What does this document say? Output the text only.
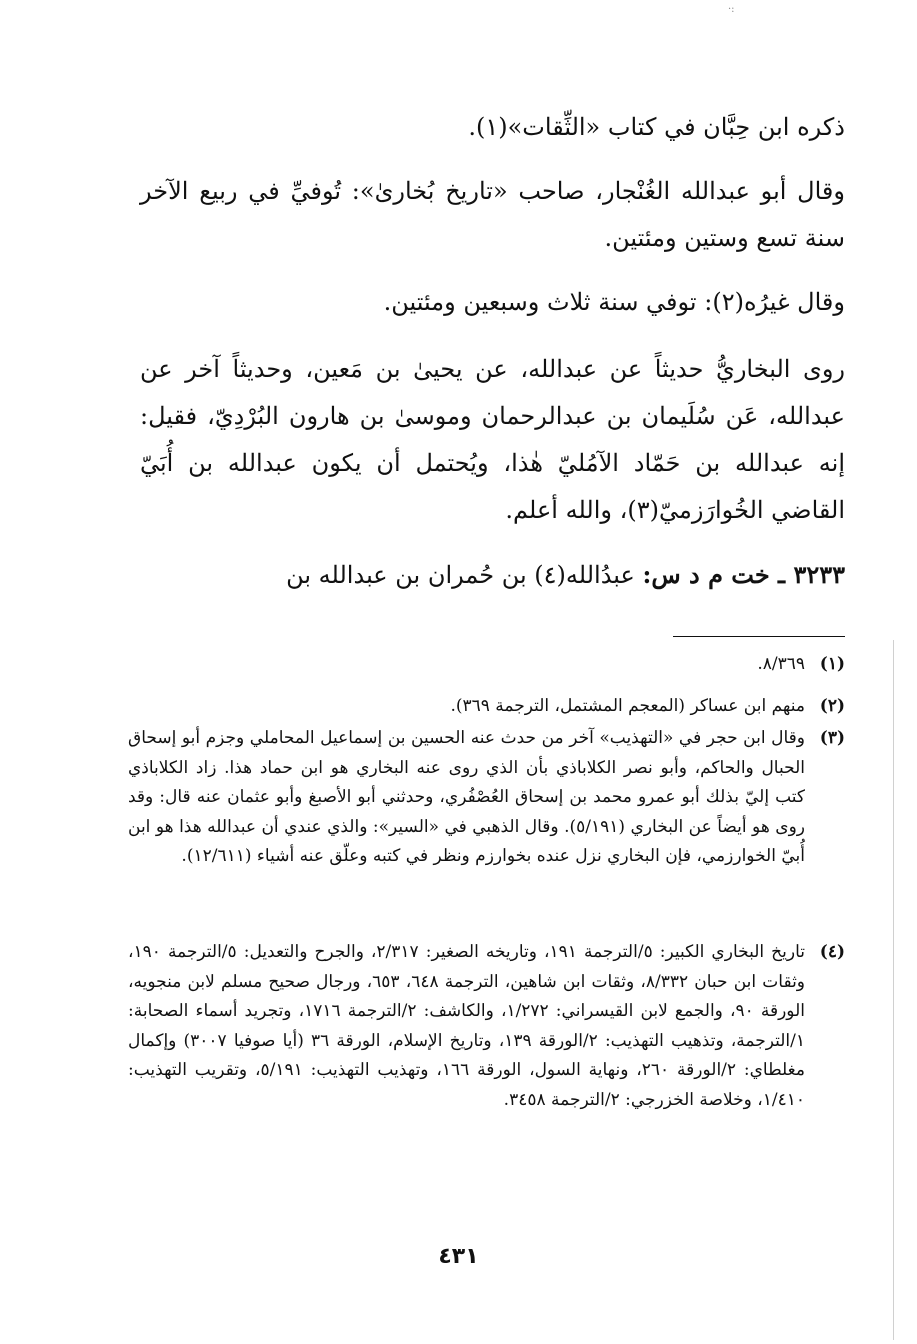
·:

ذكره ابن حِبَّان في كتاب «الثِّقات»(١).

وقال أبو عبدالله الغُنْجار، صاحب «تاريخ بُخارىٰ»: تُوفيِّ في ربيع الآخر سنة تسع وستين ومئتين.

وقال غيرُه(٢): توفي سنة ثلاث وسبعين ومئتين.

روى البخاريُّ حديثاً عن عبدالله، عن يحيىٰ بن مَعين، وحديثاً آخر عن عبدالله، عَن سُلَيمان بن عبدالرحمان وموسىٰ بن هارون البُرْدِيّ، فقيل: إنه عبدالله بن حَمّاد الآمُليّ هٰذا، ويُحتمل أن يكون عبدالله بن أُبَيّ القاضي الخُوارَزميّ(٣)، والله أعلم.

٣٢٣٣ ـ خت م د س: عبدُالله(٤) بن حُمران بن عبدالله بن

(١)
٨/٣٦٩.
(٢)
منهم ابن عساكر (المعجم المشتمل، الترجمة ٣٦٩).
(٣)
وقال ابن حجر في «التهذيب» آخر من حدث عنه الحسين بن إسماعيل المحاملي وجزم أبو إسحاق الحبال والحاكم، وأبو نصر الكلاباذي بأن الذي روى عنه البخاري هو ابن حماد هذا. زاد الكلاباذي كتب إليّ بذلك أبو عمرو محمد بن إسحاق العُصْفُري، وحدثني أبو الأصبغ وأبو عثمان عنه قال: وقد روى هو أيضاً عن البخاري (٥/١٩١). وقال الذهبي في «السير»: والذي عندي أن عبدالله هذا هو ابن أُبيّ الخوارزمي، فإن البخاري نزل عنده بخوارزم ونظر في كتبه وعلّق عنه أشياء (١٢/٦١١).
(٤)
تاريخ البخاري الكبير: ٥/الترجمة ١٩١، وتاريخه الصغير: ٢/٣١٧، والجرح والتعديل: ٥/الترجمة ١٩٠، وثقات ابن حبان ٨/٣٣٢، وثقات ابن شاهين، الترجمة ٦٤٨، ٦٥٣، ورجال صحيح مسلم لابن منجويه، الورقة ٩٠، والجمع لابن القيسراني: ١/٢٧٢، والكاشف: ٢/الترجمة ١٧١٦، وتجريد أسماء الصحابة: ١/الترجمة، وتذهيب التهذيب: ٢/الورقة ١٣٩، وتاريخ الإسلام، الورقة ٣٦ (أيا صوفيا ٣٠٠٧) وإكمال مغلطاي: ٢/الورقة ٢٦٠، ونهاية السول، الورقة ١٦٦، وتهذيب التهذيب: ٥/١٩١، وتقريب التهذيب: ١/٤١٠، وخلاصة الخزرجي: ٢/الترجمة ٣٤٥٨.
٤٣١
